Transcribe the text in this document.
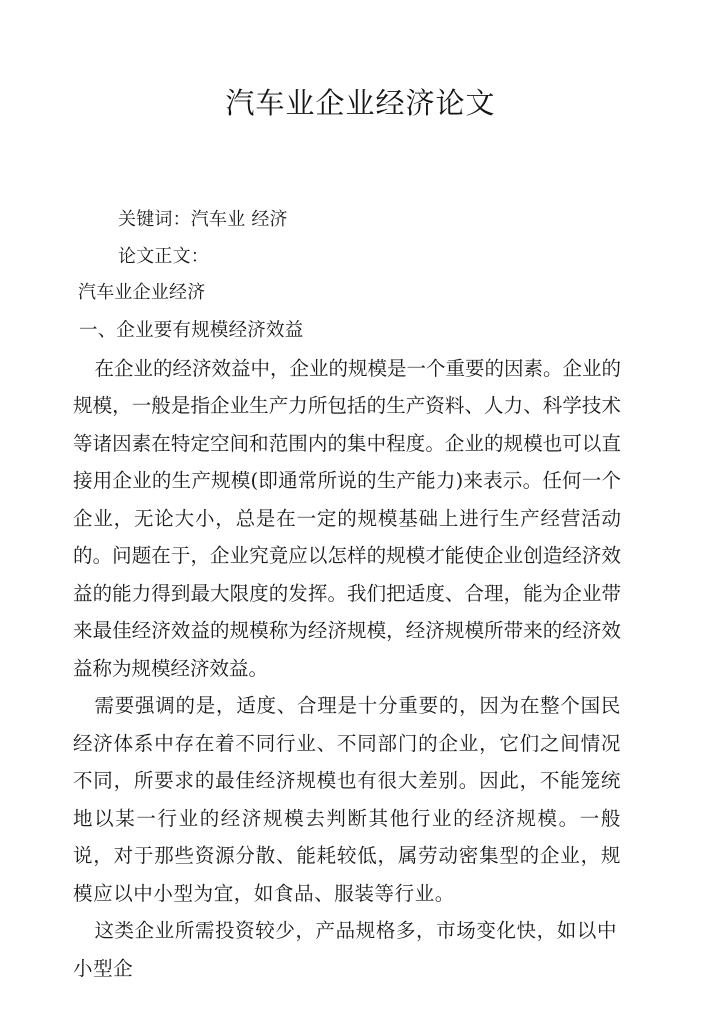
汽车业企业经济论文
关键词：汽车业 经济
论文正文：
汽车业企业经济
一、企业要有规模经济效益

在企业的经济效益中，企业的规模是一个重要的因素。企业的规模，一般是指企业生产力所包括的生产资料、人力、科学技术等诸因素在特定空间和范围内的集中程度。企业的规模也可以直接用企业的生产规模(即通常所说的生产能力)来表示。任何一个企业，无论大小，总是在一定的规模基础上进行生产经营活动的。问题在于，企业究竟应以怎样的规模才能使企业创造经济效益的能力得到最大限度的发挥。我们把适度、合理，能为企业带来最佳经济效益的规模称为经济规模，经济规模所带来的经济效益称为规模经济效益。

需要强调的是，适度、合理是十分重要的，因为在整个国民经济体系中存在着不同行业、不同部门的企业，它们之间情况不同，所要求的最佳经济规模也有很大差别。因此，不能笼统地以某一行业的经济规模去判断其他行业的经济规模。一般说，对于那些资源分散、能耗较低，属劳动密集型的企业，规模应以中小型为宜，如食品、服装等行业。

这类企业所需投资较少，产品规格多，市场变化快，如以中小型企
